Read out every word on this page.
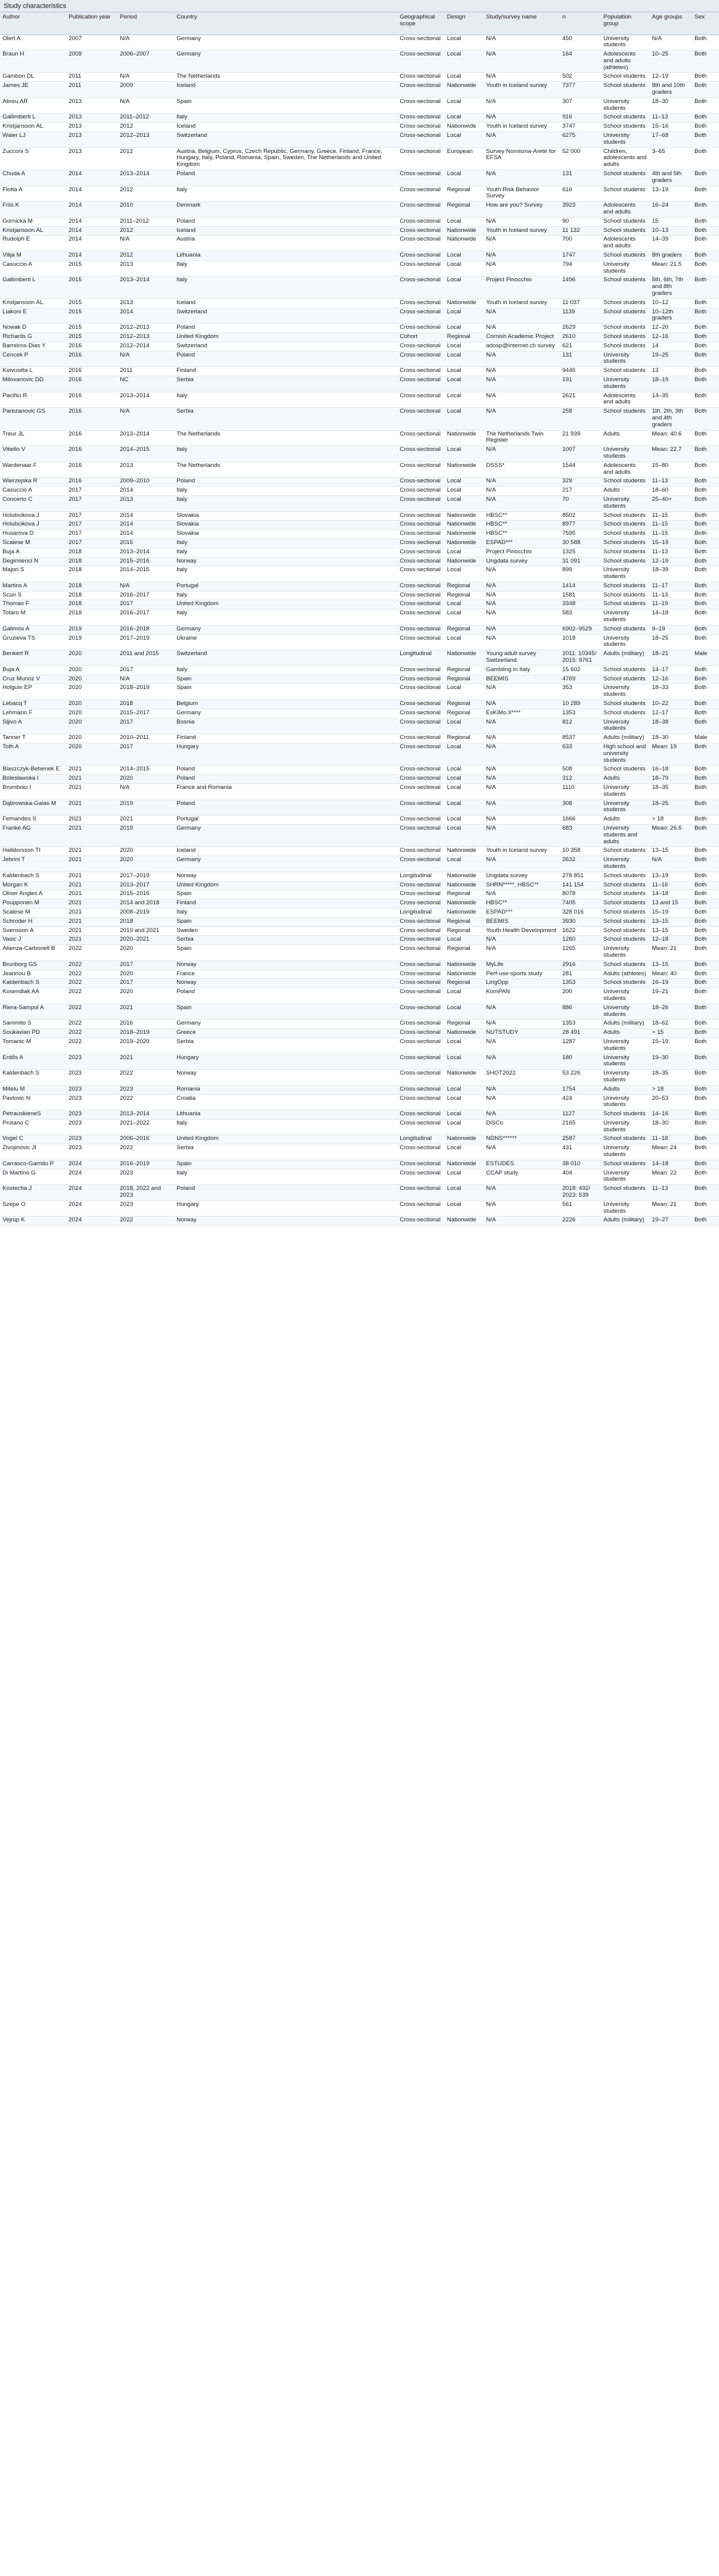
Study characteristics
Author	Publication year	Period	Country	Geographical scope	Design	Study/survey name	n	Population group	Age groups	Sex
Olert A	2007	N/A	Germany	Cross-sectional	Local	N/A	450	University students	N/A	Both
Braun H	2009	2006–2007	Germany	Cross-sectional	Local	N/A	164	Adolescents and adults (athletes)	10–25	Both
Gambon DL	2011	N/A	The Netherlands	Cross-sectional	Local	N/A	502	School students	12–19	Both
James JE	2011	2009	Iceland	Cross-sectional	Nationwide	Youth in Iceland survey	7377	School students	8th and 10th graders	Both
Abreu AR	2013	N/A	Spain	Cross-sectional	Local	N/A	307	University students	18–30	Both
Gallimberti L	2013	2011–2012	Italy	Cross-sectional	Local	N/A	916	School students	11–13	Both
Kristjansson AL	2013	2012	Iceland	Cross-sectional	Nationwide	Youth in Iceland survey	3747	School students	15–16	Both
Waier LJ	2013	2012–2013	Switzerland	Cross-sectional	Local	N/A	6275	University students	17–68	Both
Zucconi S	2013	2012	Austria, Belgium, Cyprus, Czech Republic, Germany, Greece, Finland, France, Hungary, Italy, Poland, Romania, Spain, Sweden, The Netherlands and United Kingdom	Cross-sectional	European	Survey Nomisma-Areté for EFSA	52 000	Children, adolescents and adults	3–65	Both
Chuda A	2014	2013–2014	Poland	Cross-sectional	Local	N/A	131	School students	4th and 5th graders	Both
Flotta A	2014	2012	Italy	Cross-sectional	Regional	Youth Risk Behavior Survey	616	School students	13–19	Both
Friis K	2014	2010	Denmark	Cross-sectional	Regional	How are you? Survey	3923	Adolescents and adults	16–24	Both
Gornicka M	2014	2011–2012	Poland	Cross-sectional	Local	N/A	90	School students	15	Both
Kristjansson AL	2014	2012	Iceland	Cross-sectional	Nationwide	Youth in Iceland survey	11 132	School students	10–13	Both
Rudolph E	2014	N/A	Austria	Cross-sectional	Nationwide	N/A	700	Adolescents and adults	14–39	Both
Vilija M	2014	2012	Lithuania	Cross-sectional	Local	N/A	1747	School students	8th graders	Both
Casuccio A	2015	2013	Italy	Cross-sectional	Local	N/A	794	University students	Mean: 21.5	Both
Gallimberti L	2015	2013–2014	Italy	Cross-sectional	Local	Project Pinocchio	1496	School students	5th, 6th, 7th and 8th graders	Both
Kristjansson AL	2015	2013	Iceland	Cross-sectional	Nationwide	Youth in Iceland survey	11 037	School students	10–12	Both
Liakoni E	2015	2014	Switzerland	Cross-sectional	Local	N/A	1139	School students	10–12th graders	Both
Nowak D	2015	2012–2013	Poland	Cross-sectional	Local	N/A	2629	School students	12–20	Both
Richards G	2015	2012–2013	United Kingdom	Cohort	Regional	Cornish Academic Project	2610	School students	12–16	Both
Barreiros-Dias Y	2016	2012–2014	Switzerland	Cross-sectional	Local	adosp@internet.ch survey	621	School students	14	Both
Cencek P	2016	N/A	Poland	Cross-sectional	Local	N/A	131	University students	19–25	Both
Koivusilta L	2016	2011	Finland	Cross-sectional	Local	N/A	9446	School students	13	Both
Milovanovic DD	2016	NC	Serbia	Cross-sectional	Local	N/A	191	University students	18–19	Both
Pacifici R	2016	2013–2014	Italy	Cross-sectional	Local	N/A	2621	Adolescents and adults	14–35	Both
Parezanovic GS	2016	N/A	Serbia	Cross-sectional	Local	N/A	258	School students	1th, 2th, 3th and 4th graders	Both
Treur JL	2016	2013–2014	The Netherlands	Cross-sectional	Nationwide	The Netherlands Twin Register	21 939	Adults	Mean: 40.6	Both
Vitiello V	2016	2014–2015	Italy	Cross-sectional	Local	N/A	1007	University students	Mean: 22.7	Both
Wardenaar F	2016	2013	The Netherlands	Cross-sectional	Nationwide	DSSS*	1544	Adolescents and adults	15–80	Both
Wierzejska R	2016	2009–2010	Poland	Cross-sectional	Local	N/A	329	School students	11–13	Both
Casuccio A	2017	2014	Italy	Cross-sectional	Local	N/A	217	Adults	18–60	Both
Concerto C	2017	2013	Italy	Cross-sectional	Local	N/A	70	University students	25–40+	Both
Holubcikova J	2017	2014	Slovakia	Cross-sectional	Nationwide	HBSC**	8502	School students	11–15	Both
Holubcikova J	2017	2014	Slovakia	Cross-sectional	Nationwide	HBSC**	8977	School students	11–15	Both
Husarova D	2017	2014	Slovakia	Cross-sectional	Nationwide	HBSC**	7595	School students	11–15	Both
Scalese M	2017	2015	Italy	Cross-sectional	Nationwide	ESPAD***	30 588	School students	15–19	Both
Buja A	2018	2013–2014	Italy	Cross-sectional	Local	Project Pinocchio	1325	School students	11–13	Both
Degirmenci N	2018	2015–2016	Norway	Cross-sectional	Nationwide	Ungdata survey	31 091	School students	12–19	Both
Majori S	2018	2014–2015	Italy	Cross-sectional	Local	N/A	899	University students	18–39	Both
Martins A	2018	N/A	Portugal	Cross-sectional	Regional	N/A	1414	School students	11–17	Both
Scuri S	2018	2016–2017	Italy	Cross-sectional	Regional	N/A	1581	School students	11–13	Both
Thomas F	2018	2017	United Kingdom	Cross-sectional	Local	N/A	3348	School students	11–19	Both
Totaro M	2018	2016–2017	Italy	Cross-sectional	Local	N/A	583	University students	14–18	Both
Galimov A	2019	2016–2018	Germany	Cross-sectional	Regional	N/A	6902–9529	School students	9–19	Both
Gruzieva TS	2019	2017–2019	Ukraine	Cross-sectional	Local	N/A	1018	University students	18–25	Both
Benkert R	2020	2011 and 2015	Switzerland	Longitudinal	Nationwide	Young adult survey Switzerland	2011: 10345/ 2015: 9761	Adults (military)	18–21	Male
Buja A	2020	2017	Italy	Cross-sectional	Regional	Gambling in Italy	15 602	School students	14–17	Both
Cruz Munoz V	2020	N/A	Spain	Cross-sectional	Regional	BEEMIS	4769	School students	12–16	Both
Holguin EP	2020	2018–2019	Spain	Cross-sectional	Local	N/A	353	University students	18–33	Both
Lebacq T	2020	2018	Belgium	Cross-sectional	Regional	N/A	10 289	School students	10–22	Both
Lehmann F	2020	2015–2017	Germany	Cross-sectional	Regional	EsKiMo II****	1353	School students	12–17	Both
Sljivo A	2020	2017	Bosnia	Cross-sectional	Local	N/A	812	University students	18–38	Both
Tanner T	2020	2010–2011	Finland	Cross-sectional	Regional	N/A	8537	Adults (military)	18–30	Male
Toth A	2020	2017	Hungary	Cross-sectional	Local	N/A	633	High school and university students	Mean: 19	Both
Blaszczyk-Bebenek E	2021	2014–2015	Poland	Cross-sectional	Local	N/A	508	School students	16–18	Both
Bolesławska I	2021	2020	Poland	Cross-sectional	Local	N/A	312	Adults	18–79	Both
Brumboiu I	2021	N/A	France and Romania	Cross-sectional	Local	N/A	1110	University students	18–35	Both
Dąbrowska-Galas M	2021	2019	Poland	Cross-sectional	Local	N/A	308	University students	18–25	Both
Fernandes S	2021	2021	Portugal	Cross-sectional	Local	N/A	1666	Adults	> 18	Both
Franke AG	2021	2019	Germany	Cross-sectional	Local	N/A	683	University students and adults	Mean: 26.6	Both
Halldorsson TI	2021	2020	Iceland	Cross-sectional	Nationwide	Youth in Iceland survey	10 358	School students	13–15	Both
Jebrini T	2021	2020	Germany	Cross-sectional	Local	N/A	2632	University students	N/A	Both
Kaldenbach S	2021	2017–2019	Norway	Longitudinal	Nationwide	Ungdata survey	278 851	School students	13–19	Both
Morgan K	2021	2013–2017	United Kingdom	Cross-sectional	Nationwide	SHRN*****, HBSC**	141 154	School students	11–16	Both
Oliver Angles A	2021	2015–2016	Spain	Cross-sectional	Regional	N/A	8078	School students	14–18	Both
Poupponen M	2021	2014 and 2018	Finland	Cross-sectional	Nationwide	HBSC**	7405	School students	13 and 15	Both
Scalese M	2021	2008–2019	Italy	Longitudinal	Nationwide	ESPAD***	328 016	School students	15–19	Both
Schroder H	2021	2018	Spain	Cross-sectional	Regional	BEEMIS	3930	School students	13–15	Both
Svensson A	2021	2010 and 2021	Sweden	Cross-sectional	Regional	Youth Health Development	1622	School students	13–15	Both
Vasic J	2021	2020–2021	Serbia	Cross-sectional	Local	N/A	1260	School students	12–18	Both
Atienza-Carbonell B	2022	2020	Spain	Cross-sectional	Regional	N/A	1265	University students	Mean: 21	Both
Brunborg GS	2022	2017	Norway	Cross-sectional	Nationwide	MyLife	2916	School students	13–15	Both
Jeannou B	2022	2020	France	Cross-sectional	Nationwide	Perf-use-sports study	281	Adults (athletes)	Mean: 40	Both
Kaldenbach S	2022	2017	Norway	Cross-sectional	Regional	LingOpp	1353	School students	16–19	Both
Kosendiak AA	2022	2020	Poland	Cross-sectional	Local	KomPAN	200	University students	19–21	Both
Riera-Sampol A	2022	2021	Spain	Cross-sectional	Local	N/A	886	University students	18–26	Both
Sammito S	2022	2016	Germany	Cross-sectional	Regional	N/A	1353	Adults (military)	18–62	Both
Soukavian PD	2022	2018–2019	Greece	Cross-sectional	Nationwide	NUTSTUDY	28 491	Adults	> 15	Both
Tomanic M	2022	2019–2020	Serbia	Cross-sectional	Local	N/A	1287	University students	15–19	Both
Erdős A	2023	2021	Hungary	Cross-sectional	Local	N/A	180	University students	19–30	Both
Kaldenbach S	2023	2022	Norway	Cross-sectional	Nationwide	SHOT2022	53 226	University students	18–35	Both
Mitelu M	2023	2023	Romania	Cross-sectional	Local	N/A	1754	Adults	> 18	Both
Pavlovic N	2023	2022	Croatia	Cross-sectional	Local	N/A	424	University students	20–53	Both
PetrauskieneS	2023	2013–2014	Lithuania	Cross-sectional	Local	N/A	1127	School students	14–16	Both
Protano C	2023	2021–2022	Italy	Cross-sectional	Local	DiSCo	2165	University students	18–30	Both
Vogel C	2023	2006–2016	United Kingdom	Longitudinal	Nationwide	NDNS******	2587	School students	11–18	Both
Zivojinovic JI	2023	2022	Serbia	Cross-sectional	Local	N/A	431	University students	Mean: 24	Both
Carrasco-Garrido P	2024	2016–2019	Spain	Cross-sectional	Nationwide	ESTUDES	38 010	School students	14–18	Both
Di Martino G	2024	2023	Italy	Cross-sectional	Local	CCAP study	404	University students	Mean: 22	Both
Kostecha J	2024	2018, 2022 and 2023	Poland	Cross-sectional	Local	N/A	2018: 492/ 2023: 539	School students	11–13	Both
Szepe O	2024	2023	Hungary	Cross-sectional	Local	N/A	561	University students	Mean: 21	Both
Vejrup K	2024	2022	Norway	Cross-sectional	Nationwide	N/A	2226	Adults (military)	19–27	Both
